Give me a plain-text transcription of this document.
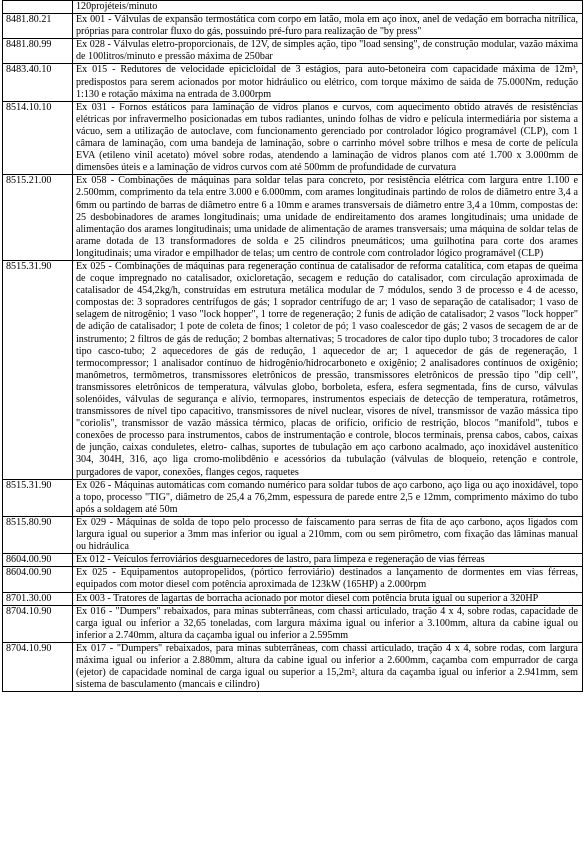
	120projéteis/minuto
8481.80.21	Ex 001 - Válvulas de expansão termostática com corpo em latão, mola em aço inox, anel de vedação em borracha nitrílica, próprias para controlar fluxo do gás, possuindo pré-furo para realização de "by press"
8481.80.99	Ex 028 - Válvulas eletro-proporcionais, de 12V, de simples ação, tipo "load sensing", de construção modular, vazão máxima de 100litros/minuto e pressão máxima de 250bar
8483.40.10	Ex 015 - Redutores de velocidade epicicloidal de 3 estágios, para auto-betoneira com capacidade máxima de 12m³, predispostos para serem acionados por motor hidráulico ou elétrico, com torque máximo de saida de 75.000Nm, redução 1:130 e rotação máxima na entrada de 3.000rpm
8514.10.10	Ex 031 - Fornos estáticos para laminação de vidros planos e curvos, com aquecimento obtido através de resistências elétricas por infravermelho posicionadas em tubos radiantes, unindo folhas de vidro e película intermediária por sistema a vácuo, sem a utilização de autoclave, com funcionamento gerenciado por controlador lógico programável (CLP), com 1 câmara de laminação, com uma bandeja de laminação, sobre o carrinho móvel sobre trilhos e mesa de corte de película EVA (etileno vinil acetato) móvel sobre rodas, atendendo a laminação de vidros planos com até 1.700 x 3.000mm de dimensões úteis e a laminação de vidros curvos com até 500mm de profundidade de curvatura
8515.21.00	Ex 058 - Combinações de máquinas para soldar telas para concreto, por resistência elétrica com largura entre 1.100 e 2.500mm, comprimento da tela entre 3.000 e 6.000mm, com arames longitudinais partindo de rolos de diâmetro entre 3,4 a 6mm ou partindo de barras de diâmetro entre 6 a 10mm e arames transversais de diâmetro entre 3,4 a 10mm, compostas de: 25 desbobinadores de arames longitudinais; uma unidade de endireitamento dos arames longitudinais; uma unidade de alimentação dos arames longitudinais; uma unidade de alimentação de arames transversais; uma máquina de soldar telas de arame dotada de 13 transformadores de solda e 25 cilindros pneumáticos; uma guilhotina para corte dos arames longitudinais; uma virador e empilhador de telas; um centro de controle com controlador lógico programável (CLP)
8515.31.90	Ex 025 - Combinações de máquinas para regeneração contínua de catalisador de reforma catalítica, com etapas de queima de coque impregnado no catalisador, oxicloretação, secagem e redução do catalisador, com circulação aproximada de catalisador de 454,2kg/h, construídas em estrutura metálica modular de 7 módulos, sendo 3 de processo e 4 de acesso, compostas de: 3 sopradores centrífugos de gás; 1 soprador centrífugo de ar; 1 vaso de separação de catalisador; 1 vaso de selagem de nitrogênio; 1 vaso "lock hopper", 1 torre de regeneração; 2 funis de adição de catalisador; 2 vasos "lock hopper" de adição de catalisador; 1 pote de coleta de finos; 1 coletor de pó; 1 vaso coalescedor de gás; 2 vasos de secagem de ar de instrumento; 2 filtros de gás de redução; 2 bombas alternativas; 5 trocadores de calor tipo duplo tubo; 3 trocadores de calor tipo casco-tubo; 2 aquecedores de gás de redução, 1 aquecedor de ar; 1 aquecedor de gás de regeneração, 1 termocompressor; 1 analisador contínuo de hidrogênio/hidrocarboneto e oxigênio; 2 analisadores contínuos de oxigênio; manômetros, termômetros, transmissores eletrônicos de pressão, transmissores eletrônicos de pressão tipo "dip cell", transmissores eletrônicos de temperatura, válvulas globo, borboleta, esfera, esfera segmentada, fins de curso, válvulas solenóides, válvulas de segurança e alívio, termopares, instrumentos especiais de detecção de temperatura, rotâmetros, transmissores de nível tipo capacitivo, transmissores de nível nuclear, visores de nível, transmissor de vazão mássica tipo "coriolis", transmissor de vazão mássica térmico, placas de orifício, orifício de restrição, blocos "manifold", tubos e conexões de processo para instrumentos, cabos de instrumentação e controle, blocos terminais, prensa cabos, cabos, caixas de junção, caixas conduletes, eletro- calhas, suportes de tubulação em aço carbono acalmado, aço inoxidável austenítico 304, 304H, 316, aço liga cromo-molibdênio e acessórios da tubulação (válvulas de bloqueio, retenção e controle, purgadores de vapor, conexões, flanges cegos, raquetes
8515.31.90	Ex 026 - Máquinas automáticas com comando numérico para soldar tubos de aço carbono, aço liga ou aço inoxidável, topo a topo, processo "TIG", diâmetro de 25,4 a 76,2mm, espessura de parede entre 2,5 e 12mm, comprimento máximo do tubo após a soldagem até 50m
8515.80.90	Ex 029 - Máquinas de solda de topo pelo processo de faiscamento para serras de fita de aço carbono, aços ligados com largura igual ou superior a 3mm mas inferior ou igual a 210mm, com ou sem pirômetro, com fixação das lâminas manual ou hidráulica
8604.00.90	Ex 012 - Veículos ferroviários desguarnecedores de lastro, para limpeza e regeneração de vias férreas
8604.00.90	Ex 025 - Equipamentos autopropelidos, (pórtico ferroviário) destinados a lançamento de dormentes em vias férreas, equipados com motor diesel com potência aproximada de 123kW (165HP) a 2.000rpm
8701.30.00	Ex 003 - Tratores de lagartas de borracha acionado por motor diesel com potência bruta igual ou superior a 320HP
8704.10.90	Ex 016 - "Dumpers" rebaixados, para minas subterrâneas, com chassi articulado, tração 4 x 4, sobre rodas, capacidade de carga igual ou inferior a 32,65 toneladas, com largura máxima igual ou inferior a 3.100mm, altura da cabine igual ou inferior a 2.740mm, altura da caçamba igual ou inferior a 2.595mm
8704.10.90	Ex 017 - "Dumpers" rebaixados, para minas subterrâneas, com chassi articulado, tração 4 x 4, sobre rodas, com largura máxima igual ou inferior a 2.880mm, altura da cabine igual ou inferior a 2.600mm, caçamba com empurrador de carga (ejetor) de capacidade nominal de carga igual ou superior a 15,2m², altura da caçamba igual ou inferior a 2.941mm, sem sistema de basculamento (mancais e cilindro)
